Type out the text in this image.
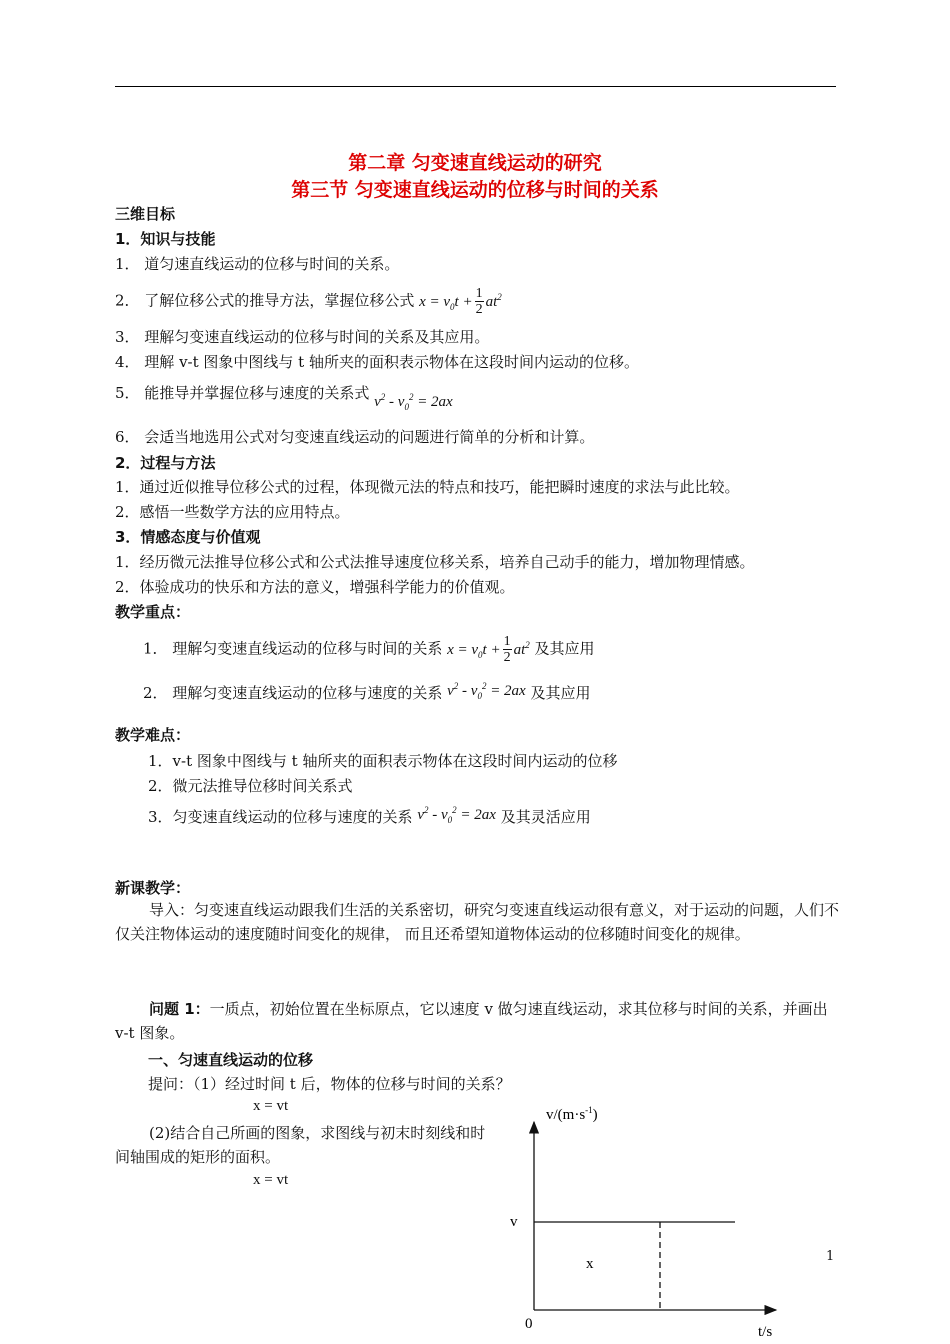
第二章 匀变速直线运动的研究
第三节 匀变速直线运动的位移与时间的关系
三维目标
1．知识与技能
1． 道匀速直线运动的位移与时间的关系。
2． 了解位移公式的推导方法，掌握位移公式 $x = v_0t + \frac{1}{2} at^2$
3． 理解匀变速直线运动的位移与时间的关系及其应用。
4． 理解 v-t 图象中图线与 t 轴所夹的面积表示物体在这段时间内运动的位移。
5． 能推导并掌握位移与速度的关系式 $v^2 - v_0^2 = 2ax$
6． 会适当地选用公式对匀变速直线运动的问题进行简单的分析和计算。
2．过程与方法
1．通过近似推导位移公式的过程，体现微元法的特点和技巧，能把瞬时速度的求法与此比较。
2．感悟一些数学方法的应用特点。
3．情感态度与价值观
1．经历微元法推导位移公式和公式法推导速度位移关系，培养自己动手的能力，增加物理情感。
2．体验成功的快乐和方法的意义，增强科学能力的价值观。
教学重点：
1． 理解匀变速直线运动的位移与时间的关系 $x = v_0t + \frac{1}{2} at^2$ 及其应用
2． 理解匀变速直线运动的位移与速度的关系 $v^2 - v_0^2 = 2ax$ 及其应用
教学难点：
1．v-t 图象中图线与 t 轴所夹的面积表示物体在这段时间内运动的位移
2．微元法推导位移时间关系式
3．匀变速直线运动的位移与速度的关系 $v^2 - v_0^2 = 2ax$ 及其灵活应用
新课教学：
导入：匀变速直线运动跟我们生活的关系密切，研究匀变速直线运动很有意义，对于运动的问题，人们不仅关注物体运动的速度随时间变化的规律， 而且还希望知道物体运动的位移随时间变化的规律。
问题 1：一质点，初始位置在坐标原点，它以速度 v 做匀速直线运动，求其位移与时间的关系，并画出 v-t 图象。
一、匀速直线运动的位移
提问：（1）经过时间 t 后，物体的位移与时间的关系？
x = vt
(2)结合自己所画的图象，求图线与初末时刻线和时间轴围成的矩形的面积。
x = vt
$v/(m\cdot s^{-1})$
v
x
0	t/s
1
